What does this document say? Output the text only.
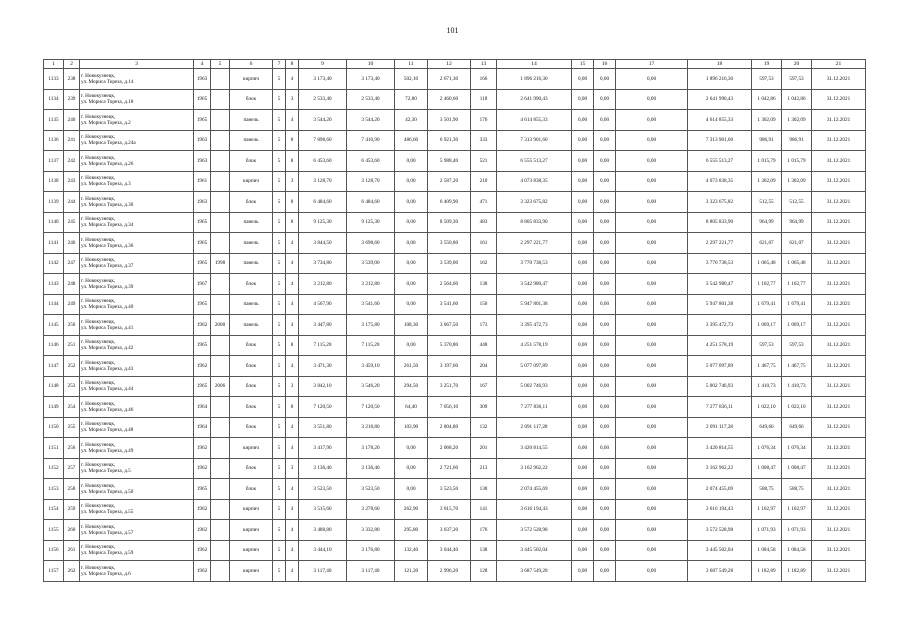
101
1	2	3	4	5	6	7	8	9	10	11	12	13	14	15	16	17	18	19	20	21
1133	238	г. Новокузнецк,
ул. Мориса Тореза, д.14	1963		кирпич	5	4	3 173,40	3 173,40	502,10	2 671,30	166	1 896 216,30	0,00	0,00	0,00	1 896 216,30	597,53	597,53	31.12.2021
1134	239	г. Новокузнецк,
ул. Мориса Тореза, д.18	1965		блок	5	3	2 533,40	2 533,40	72,80	2 460,60	118	2 641 990,43	0,00	0,00	0,00	2 641 990,43	1 042,86	1 042,86	31.12.2021
1135	240	г. Новокузнецк,
ул. Мориса Тореза, д.2	1965		панель	5	4	3 544,20	3 544,20	42,30	3 501,90	176	4 614 855,33	0,00	0,00	0,00	4 614 855,33	1 302,09	1 302,09	31.12.2021
1136	241	г. Новокузнецк,
ул. Мориса Тореза, д.24а	1963		панель	5	8	7 898,60	7 410,90	486,60	6 921,30	333	7 313 901,60	0,00	0,00	0,00	7 313 901,60	986,91	986,91	31.12.2021
1137	242	г. Новокузнецк,
ул. Мориса Тореза, д.26	1963		блок	5	8	6 453,60	6 453,60	0,00	5 988,40	521	6 555 513,27	0,00	0,00	0,00	6 555 513,27	1 015,79	1 015,79	31.12.2021
1138	243	г. Новокузнецк,
ул. Мориса Тореза, д.3	1961		кирпич	5	3	3 128,70	3 128,70	0,00	2 587,20	210	4 073 838,35	0,00	0,00	0,00	4 073 838,35	1 302,09	1 302,09	31.12.2021
1139	244	г. Новокузнецк,
ул. Мориса Тореза, д.30	1963		блок	5	8	6 484,60	6 484,60	0,00	6 409,90	471	3 323 675,82	0,00	0,00	0,00	3 323 675,82	512,55	512,55	31.12.2021
1140	245	г. Новокузнецк,
ул. Мориса Тореза, д.34	1965		панель	5	8	9 125,30	9 125,30	0,00	8 509,30	483	8 805 833,90	0,00	0,00	0,00	8 805 833,90	964,99	964,99	31.12.2021
1141	246	г. Новокузнецк,
ул. Мориса Тореза, д.36	1965		панель	5	4	3 844,50	3 698,60	0,00	3 550,80	161	2 297 221,77	0,00	0,00	0,00	2 297 221,77	621,07	621,07	31.12.2021
1142	247	г. Новокузнецк,
ул. Мориса Тореза, д.37	1965	1998	панель	5	4	3 734,80	3 539,00	0,00	3 539,00	162	3 770 738,53	0,00	0,00	0,00	3 770 738,53	1 065,48	1 065,48	31.12.2021
1143	248	г. Новокузнецк,
ул. Мориса Тореза, д.39	1967		блок	5	4	3 212,80	3 212,80	0,00	2 564,60	138	3 542 980,47	0,00	0,00	0,00	3 542 980,47	1 102,77	1 102,77	31.12.2021
1144	249	г. Новокузнецк,
ул. Мориса Тореза, д.40	1965		панель	5	4	4 567,90	3 541,60	0,00	3 541,60	150	5 947 801,38	0,00	0,00	0,00	5 947 801,38	1 679,41	1 679,41	31.12.2021
1145	250	г. Новокузнецк,
ул. Мориса Тореза, д.41	1962	2000	панель	5	4	3 447,80	3 175,80	108,30	3 067,50	173	3 395 472,73	0,00	0,00	0,00	3 395 472,73	1 069,17	1 069,17	31.12.2021
1146	251	г. Новокузнецк,
ул. Мориса Тореза, д.42	1965		блок	5	8	7 115,20	7 115,20	0,00	5 370,80	448	4 251 578,19	0,00	0,00	0,00	4 251 578,19	597,53	597,53	31.12.2021
1147	252	г. Новокузнецк,
ул. Мориса Тореза, д.43	1962		блок	5	4	3 471,30	3 459,10	261,50	3 197,60	204	5 077 097,89	0,00	0,00	0,00	5 077 097,89	1 467,75	1 467,75	31.12.2021
1148	253	г. Новокузнецк,
ул. Мориса Тореза, д.44	1965	2006	блок	5	3	3 842,10	3 546,20	294,50	3 251,70	167	5 002 746,93	0,00	0,00	0,00	5 002 746,93	1 410,73	1 410,73	31.12.2021
1149	254	г. Новокузнецк,
ул. Мориса Тореза, д.46	1964		блок	5	8	7 120,50	7 120,50	64,40	7 056,10	309	7 277 836,11	0,00	0,00	0,00	7 277 836,11	1 022,10	1 022,10	31.12.2021
1150	255	г. Новокузнецк,
ул. Мориса Тореза, д.48	1964		блок	5	4	3 551,80	3 218,80	103,90	2 804,80	132	2 091 117,28	0,00	0,00	0,00	2 091 117,28	649,66	649,66	31.12.2021
1151	256	г. Новокузнецк,
ул. Мориса Тореза, д.49	1962		кирпич	5	4	3 417,90	3 178,20	0,00	2 068,20	201	3 420 814,55	0,00	0,00	0,00	3 420 814,55	1 076,34	1 076,34	31.12.2021
1152	257	г. Новокузнецк,
ул. Мориса Тореза, д.5	1962		блок	5	3	3 136,40	3 136,40	0,00	2 721,60	213	3 162 962,22	0,00	0,00	0,00	3 162 962,22	1 008,47	1 008,47	31.12.2021
1153	258	г. Новокузнецк,
ул. Мориса Тореза, д.50	1965		блок	5	4	3 523,50	3 523,50	0,00	3 523,50	138	2 074 455,69	0,00	0,00	0,00	2 074 455,69	588,75	588,75	31.12.2021
1154	259	г. Новокузнецк,
ул. Мориса Тореза, д.55	1962		кирпич	5	4	3 515,60	3 278,60	262,90	3 015,70	141	3 616 194,43	0,00	0,00	0,00	3 616 194,43	1 102,97	1 102,97	31.12.2021
1155	260	г. Новокузнецк,
ул. Мориса Тореза, д.57	1962		кирпич	5	4	3 488,80	3 332,80	295,80	3 037,20	176	3 572 528,98	0,00	0,00	0,00	3 572 528,98	1 071,93	1 071,93	31.12.2021
1156	261	г. Новокузнецк,
ул. Мориса Тореза, д.59	1962		кирпич	5	4	3 444,10	3 176,80	132,40	3 044,40	138	3 445 502,04	0,00	0,00	0,00	3 445 502,04	1 084,58	1 084,58	31.12.2021
1157	262	г. Новокузнецк,
ул. Мориса Тореза, д.6	1962		кирпич	5	4	3 117,40	3 117,40	121,20	2 996,20	128	3 687 549,28	0,00	0,00	0,00	3 687 549,28	1 182,89	1 182,89	31.12.2021
